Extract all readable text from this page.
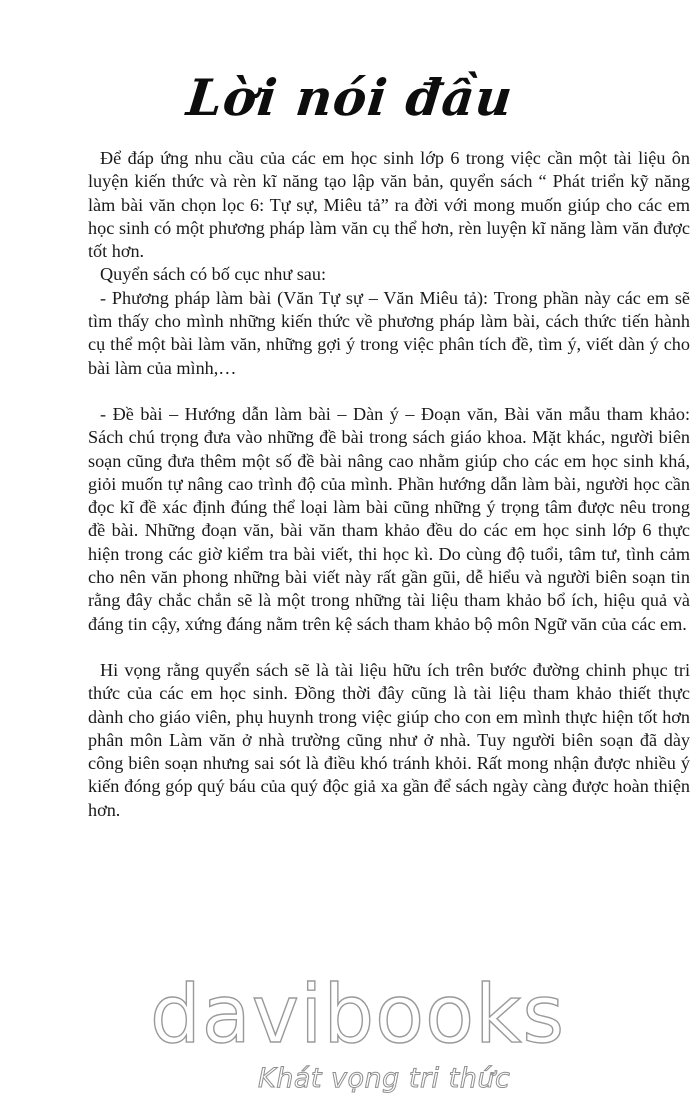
Lời nói đầu

Để đáp ứng nhu cầu của các em học sinh lớp 6 trong việc cần một tài liệu ôn luyện kiến thức và rèn kĩ năng tạo lập văn bản, quyển sách “ Phát triển kỹ năng làm bài văn chọn lọc 6: Tự sự, Miêu tả” ra đời với mong muốn giúp cho các em học sinh có một phương pháp làm văn cụ thể hơn, rèn luyện kĩ năng làm văn được tốt hơn.

Quyển sách có bố cục như sau:

- Phương pháp làm bài (Văn Tự sự – Văn Miêu tả): Trong phần này các em sẽ tìm thấy cho mình những kiến thức về phương pháp làm bài, cách thức tiến hành cụ thể một bài làm văn, những gợi ý trong việc phân tích đề, tìm ý, viết dàn ý cho bài làm của mình,…

- Đề bài – Hướng dẫn làm bài – Dàn ý – Đoạn văn, Bài văn mẫu tham khảo: Sách chú trọng đưa vào những đề bài trong sách giáo khoa. Mặt khác, người biên soạn cũng đưa thêm một số đề bài nâng cao nhằm giúp cho các em học sinh khá, giỏi muốn tự nâng cao trình độ của mình. Phần hướng dẫn làm bài, người học cần đọc kĩ đề xác định đúng thể loại làm bài cũng những ý trọng tâm được nêu trong đề bài. Những đoạn văn, bài văn tham khảo đều do các em học sinh lớp 6 thực hiện trong các giờ kiểm tra bài viết, thi học kì. Do cùng độ tuổi, tâm tư, tình cảm cho nên văn phong những bài viết này rất gần gũi, dễ hiểu và người biên soạn tin rằng đây chắc chắn sẽ là một trong những tài liệu tham khảo bổ ích, hiệu quả và đáng tin cậy, xứng đáng nằm trên kệ sách tham khảo bộ môn Ngữ văn của các em.

Hi vọng rằng quyển sách sẽ là tài liệu hữu ích trên bước đường chinh phục tri thức của các em học sinh. Đồng thời đây cũng là tài liệu tham khảo thiết thực dành cho giáo viên, phụ huynh trong việc giúp cho con em mình thực hiện tốt hơn phân môn Làm văn ở nhà trường cũng như ở nhà. Tuy người biên soạn đã dày công biên soạn nhưng sai sót là điều khó tránh khỏi. Rất mong nhận được nhiều ý kiến đóng góp quý báu của quý độc giả xa gần để sách ngày càng được hoàn thiện hơn.

davibooks
Khát vọng tri thức
